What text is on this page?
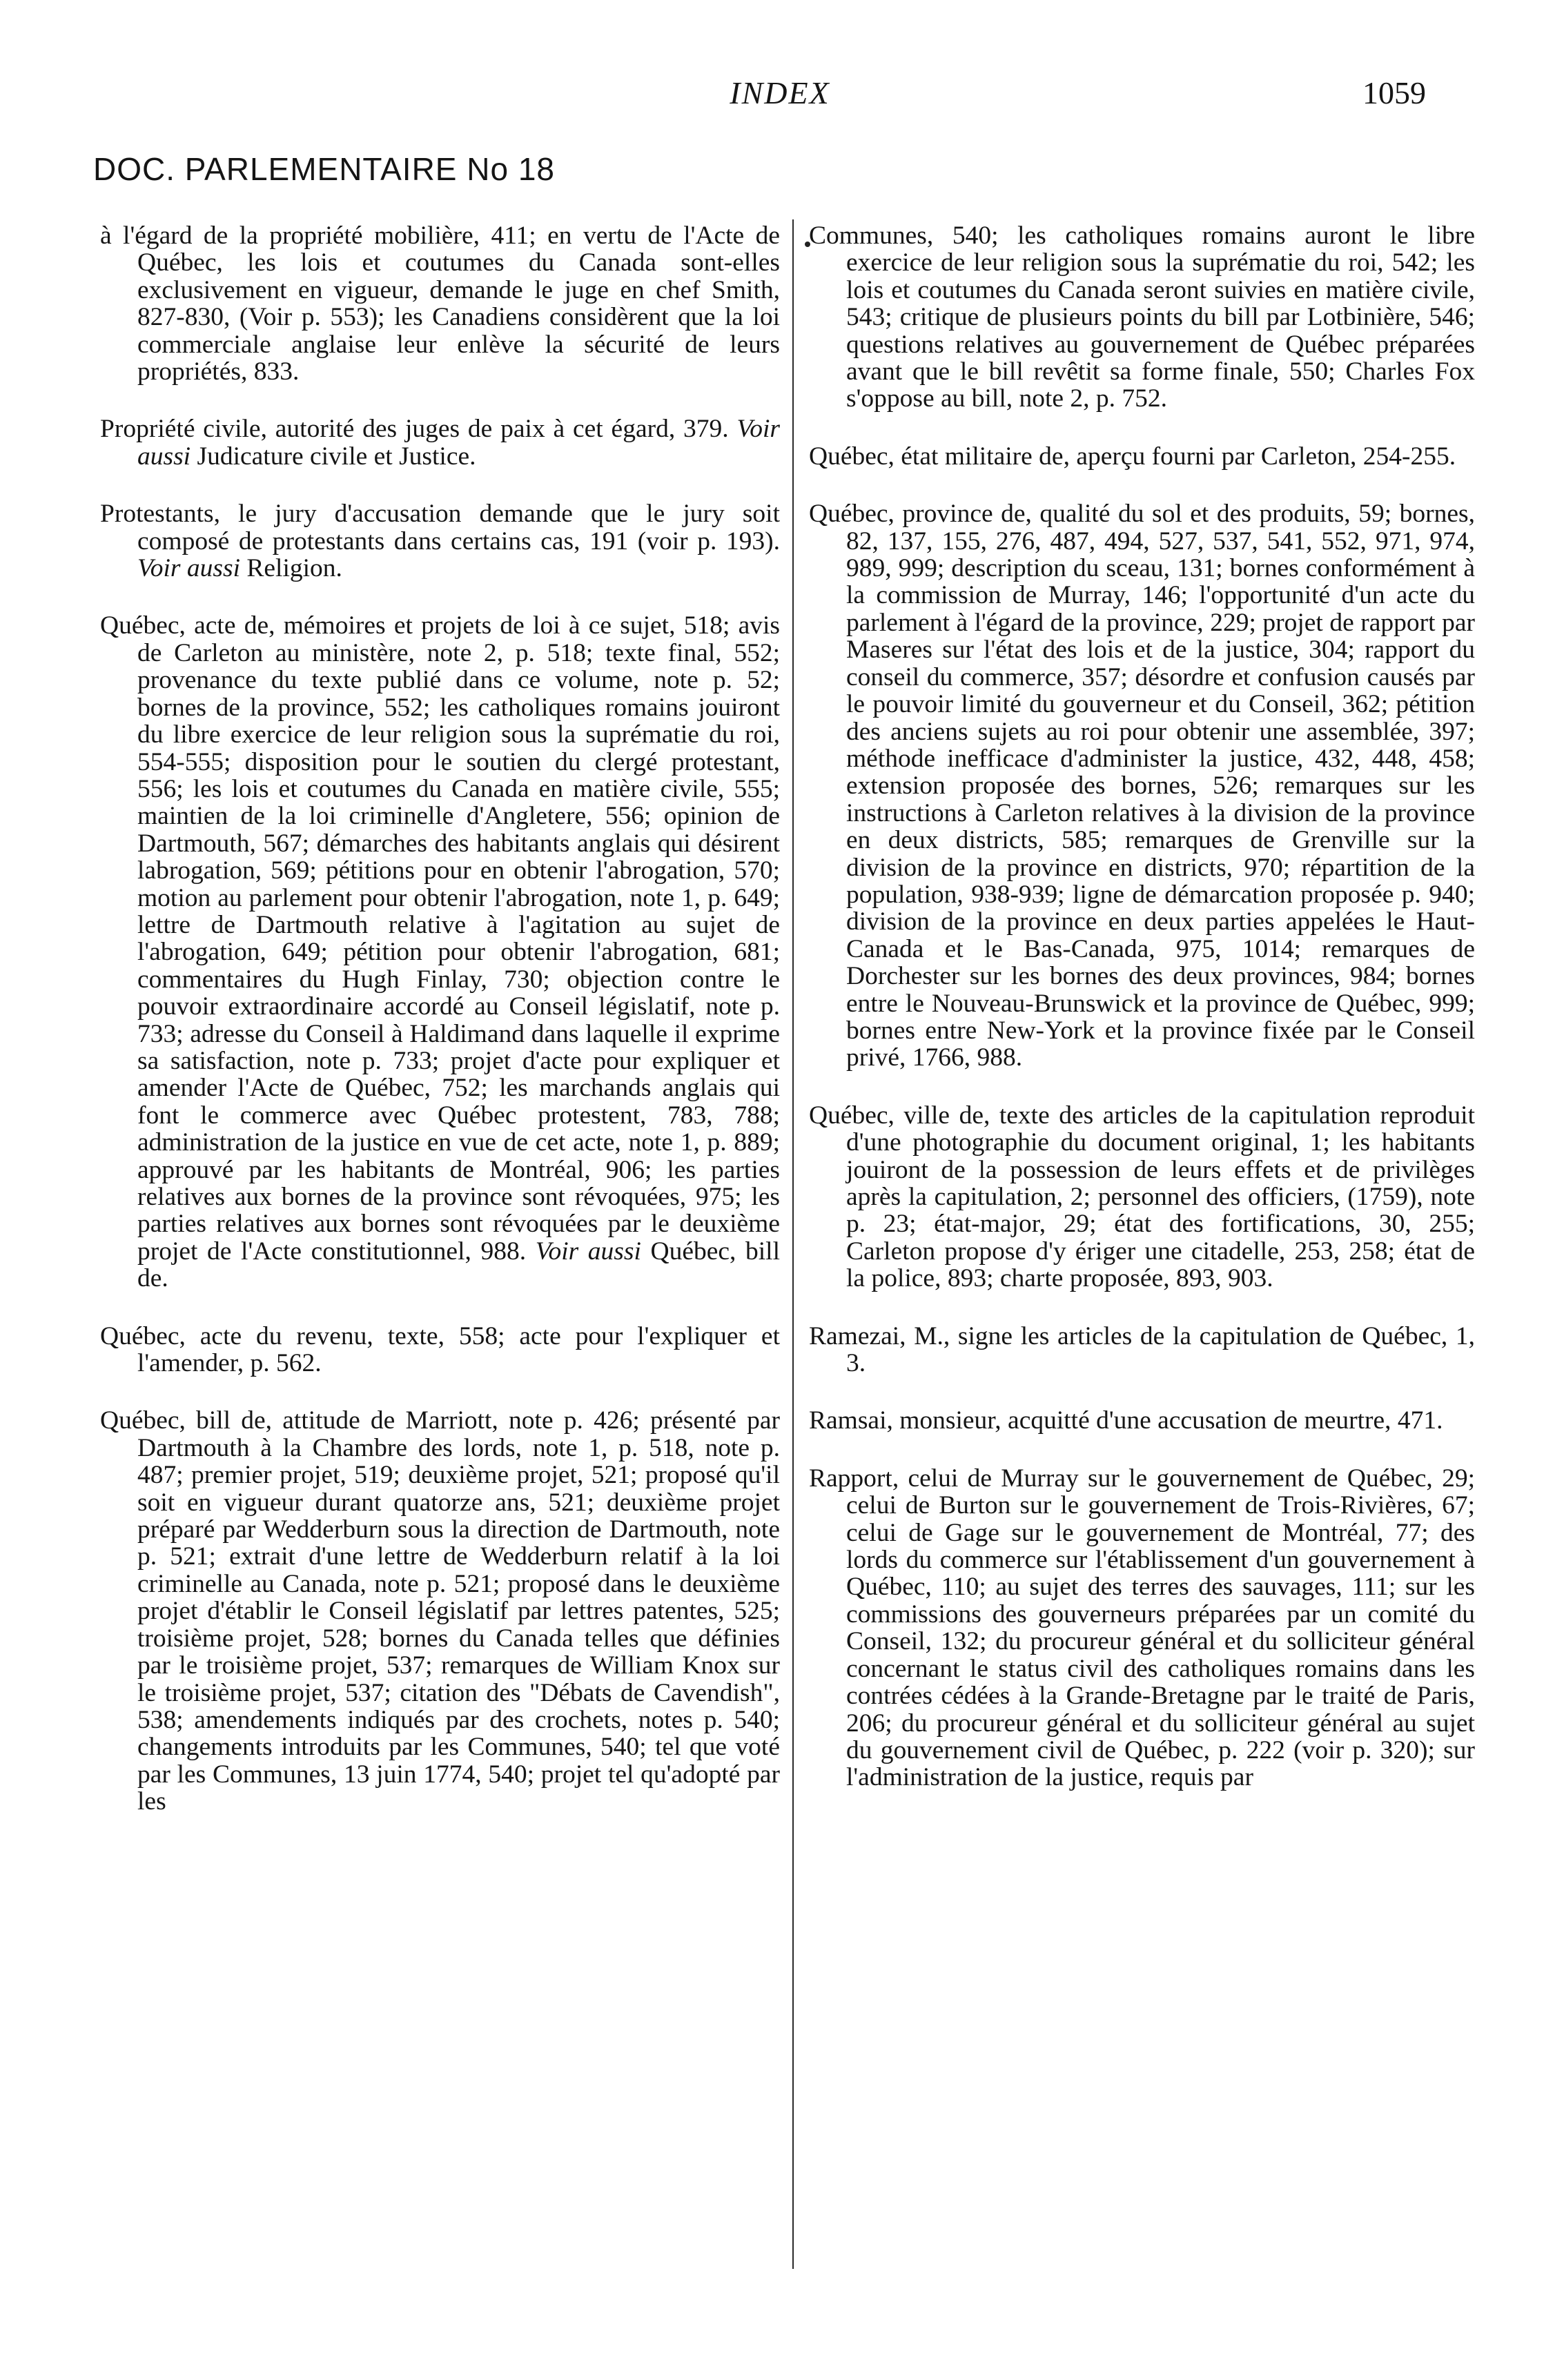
INDEX	1059
DOC. PARLEMENTAIRE No 18

à l'égard de la propriété mobilière, 411; en vertu de l'Acte de Québec, les lois et coutumes du Canada sont-elles exclusivement en vigueur, demande le juge en chef Smith, 827-830, (Voir p. 553); les Canadiens considèrent que la loi commerciale anglaise leur enlève la sécurité de leurs propriétés, 833.

Propriété civile, autorité des juges de paix à cet égard, 379. Voir aussi Judicature civile et Justice.

Protestants, le jury d'accusation demande que le jury soit composé de protestants dans certains cas, 191 (voir p. 193). Voir aussi Religion.

Québec, acte de, mémoires et projets de loi à ce sujet, 518; avis de Carleton au ministère, note 2, p. 518; texte final, 552; provenance du texte publié dans ce volume, note p. 52; bornes de la province, 552; les catholiques romains jouiront du libre exercice de leur religion sous la suprématie du roi, 554-555; disposition pour le soutien du clergé protestant, 556; les lois et coutumes du Canada en matière civile, 555; maintien de la loi criminelle d'Angletere, 556; opinion de Dartmouth, 567; démarches des habitants anglais qui désirent labrogation, 569; pétitions pour en obtenir l'abrogation, 570; motion au parlement pour obtenir l'abrogation, note 1, p. 649; lettre de Dartmouth relative à l'agitation au sujet de l'abrogation, 649; pétition pour obtenir l'abrogation, 681; commentaires du Hugh Finlay, 730; objection contre le pouvoir extraordinaire accordé au Conseil législatif, note p. 733; adresse du Conseil à Haldimand dans laquelle il exprime sa satisfaction, note p. 733; projet d'acte pour expliquer et amender l'Acte de Québec, 752; les marchands anglais qui font le commerce avec Québec protestent, 783, 788; administration de la justice en vue de cet acte, note 1, p. 889; approuvé par les habitants de Montréal, 906; les parties relatives aux bornes de la province sont révoquées, 975; les parties relatives aux bornes sont révoquées par le deuxième projet de l'Acte constitutionnel, 988. Voir aussi Québec, bill de.

Québec, acte du revenu, texte, 558; acte pour l'expliquer et l'amender, p. 562.

Québec, bill de, attitude de Marriott, note p. 426; présenté par Dartmouth à la Chambre des lords, note 1, p. 518, note p. 487; premier projet, 519; deuxième projet, 521; proposé qu'il soit en vigueur durant quatorze ans, 521; deuxième projet préparé par Wedderburn sous la direction de Dartmouth, note p. 521; extrait d'une lettre de Wedderburn relatif à la loi criminelle au Canada, note p. 521; proposé dans le deuxième projet d'établir le Conseil législatif par lettres patentes, 525; troisième projet, 528; bornes du Canada telles que définies par le troisième projet, 537; remarques de William Knox sur le troisième projet, 537; citation des "Débats de Cavendish", 538; amendements indiqués par des crochets, notes p. 540; changements introduits par les Communes, 540; tel que voté par les Communes, 13 juin 1774, 540; projet tel qu'adopté par les

Communes, 540; les catholiques romains auront le libre exercice de leur religion sous la suprématie du roi, 542; les lois et coutumes du Canada seront suivies en matière civile, 543; critique de plusieurs points du bill par Lotbinière, 546; questions relatives au gouvernement de Québec préparées avant que le bill revêtit sa forme finale, 550; Charles Fox s'oppose au bill, note 2, p. 752.

Québec, état militaire de, aperçu fourni par Carleton, 254-255.

Québec, province de, qualité du sol et des produits, 59; bornes, 82, 137, 155, 276, 487, 494, 527, 537, 541, 552, 971, 974, 989, 999; description du sceau, 131; bornes conformément à la commission de Murray, 146; l'opportunité d'un acte du parlement à l'égard de la province, 229; projet de rapport par Maseres sur l'état des lois et de la justice, 304; rapport du conseil du commerce, 357; désordre et confusion causés par le pouvoir limité du gouverneur et du Conseil, 362; pétition des anciens sujets au roi pour obtenir une assemblée, 397; méthode inefficace d'administer la justice, 432, 448, 458; extension proposée des bornes, 526; remarques sur les instructions à Carleton relatives à la division de la province en deux districts, 585; remarques de Grenville sur la division de la province en districts, 970; répartition de la population, 938-939; ligne de démarcation proposée p. 940; division de la province en deux parties appelées le Haut-Canada et le Bas-Canada, 975, 1014; remarques de Dorchester sur les bornes des deux provinces, 984; bornes entre le Nouveau-Brunswick et la province de Québec, 999; bornes entre New-York et la province fixée par le Conseil privé, 1766, 988.

Québec, ville de, texte des articles de la capitulation reproduit d'une photographie du document original, 1; les habitants jouiront de la possession de leurs effets et de privilèges après la capitulation, 2; personnel des officiers, (1759), note p. 23; état-major, 29; état des fortifications, 30, 255; Carleton propose d'y ériger une citadelle, 253, 258; état de la police, 893; charte proposée, 893, 903.

Ramezai, M., signe les articles de la capitulation de Québec, 1, 3.

Ramsai, monsieur, acquitté d'une accusation de meurtre, 471.

Rapport, celui de Murray sur le gouvernement de Québec, 29; celui de Burton sur le gouvernement de Trois-Rivières, 67; celui de Gage sur le gouvernement de Montréal, 77; des lords du commerce sur l'établissement d'un gouvernement à Québec, 110; au sujet des terres des sauvages, 111; sur les commissions des gouverneurs préparées par un comité du Conseil, 132; du procureur général et du solliciteur général concernant le status civil des catholiques romains dans les contrées cédées à la Grande-Bretagne par le traité de Paris, 206; du procureur général et du solliciteur général au sujet du gouvernement civil de Québec, p. 222 (voir p. 320); sur l'administration de la justice, requis par
